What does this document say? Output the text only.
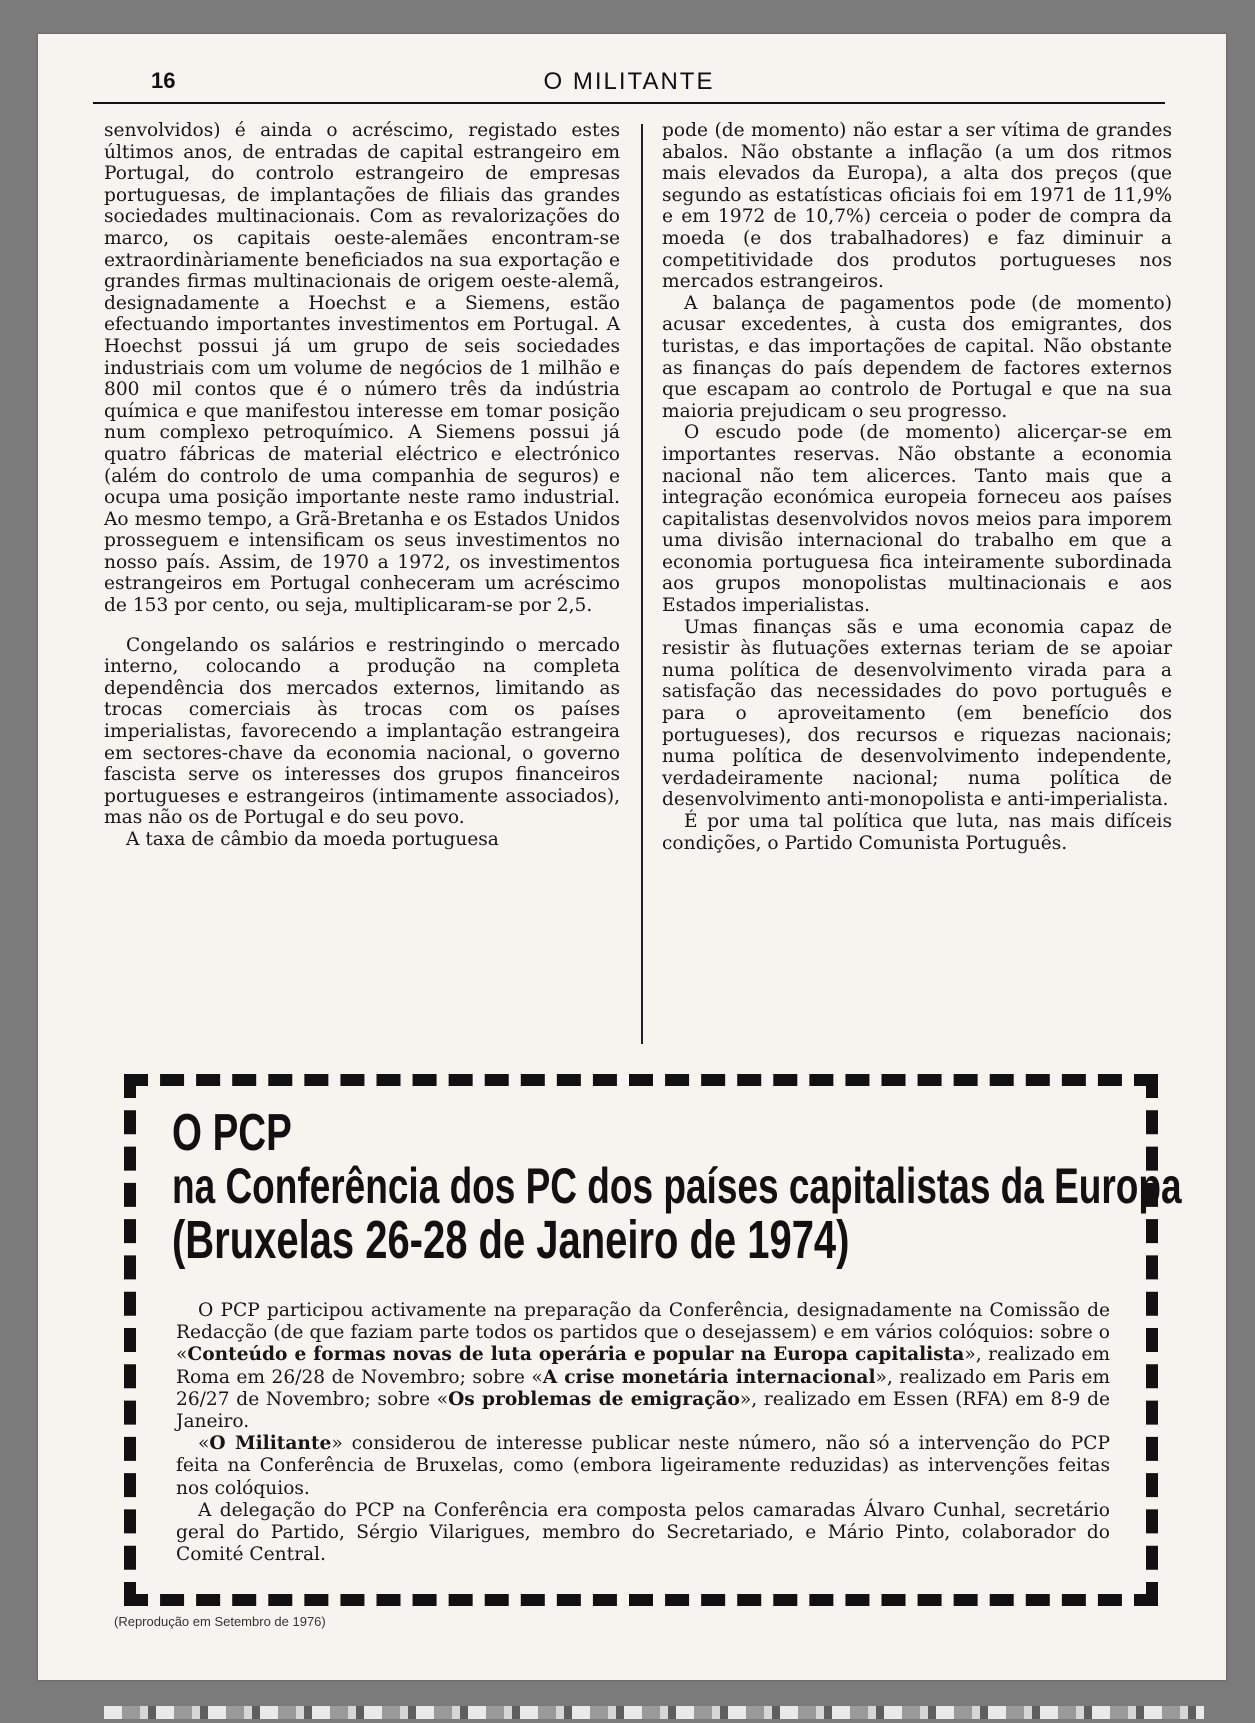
16	O MILITANTE

senvolvidos) é ainda o acréscimo, registado estes últimos anos, de entradas de capital estrangeiro em Portugal, do controlo estrangeiro de empresas portuguesas, de implantações de filiais das grandes sociedades multinacionais. Com as revalorizações do marco, os capitais oeste-alemães encontram-se extraordinàriamente beneficiados na sua exportação e grandes firmas multinacionais de origem oeste-alemã, designadamente a Hoechst e a Siemens, estão efectuando importantes investimentos em Portugal. A Hoechst possui já um grupo de seis sociedades industriais com um volume de negócios de 1 milhão e 800 mil contos que é o número três da indústria química e que manifestou interesse em tomar posição num complexo petroquímico. A Siemens possui já quatro fábricas de material eléctrico e electrónico (além do controlo de uma companhia de seguros) e ocupa uma posição importante neste ramo industrial. Ao mesmo tempo, a Grã-Bretanha e os Estados Unidos prosseguem e intensificam os seus investimentos no nosso país. Assim, de 1970 a 1972, os investimentos estrangeiros em Portugal conheceram um acréscimo de 153 por cento, ou seja, multiplicaram-se por 2,5.

Congelando os salários e restringindo o mercado interno, colocando a produção na completa dependência dos mercados externos, limitando as trocas comerciais às trocas com os países imperialistas, favorecendo a implantação estrangeira em sectores-chave da economia nacional, o governo fascista serve os interesses dos grupos financeiros portugueses e estrangeiros (intimamente associados), mas não os de Portugal e do seu povo.

A taxa de câmbio da moeda portuguesa

pode (de momento) não estar a ser vítima de grandes abalos. Não obstante a inflação (a um dos ritmos mais elevados da Europa), a alta dos preços (que segundo as estatísticas oficiais foi em 1971 de 11,9% e em 1972 de 10,7%) cerceia o poder de compra da moeda (e dos trabalhadores) e faz diminuir a competitividade dos produtos portugueses nos mercados estrangeiros.

A balança de pagamentos pode (de momento) acusar excedentes, à custa dos emigrantes, dos turistas, e das importações de capital. Não obstante as finanças do país dependem de factores externos que escapam ao controlo de Portugal e que na sua maioria prejudicam o seu progresso.

O escudo pode (de momento) alicerçar-se em importantes reservas. Não obstante a economia nacional não tem alicerces. Tanto mais que a integração económica europeia forneceu aos países capitalistas desenvolvidos novos meios para imporem uma divisão internacional do trabalho em que a economia portuguesa fica inteiramente subordinada aos grupos monopolistas multinacionais e aos Estados imperialistas.

Umas finanças sãs e uma economia capaz de resistir às flutuações externas teriam de se apoiar numa política de desenvolvimento virada para a satisfação das necessidades do povo português e para o aproveitamento (em benefício dos portugueses), dos recursos e riquezas nacionais; numa política de desenvolvimento independente, verdadeiramente nacional; numa política de desenvolvimento anti-monopolista e anti-imperialista.

É por uma tal política que luta, nas mais difíceis condições, o Partido Comunista Português.

O PCP
na Conferência dos PC dos países capitalistas da Europa
(Bruxelas 26-28 de Janeiro de 1974)

O PCP participou activamente na preparação da Conferência, designadamente na Comissão de Redacção (de que faziam parte todos os partidos que o desejassem) e em vários colóquios: sobre o «Conteúdo e formas novas de luta operária e popular na Europa capitalista», realizado em Roma em 26/28 de Novembro; sobre «A crise monetária internacional», realizado em Paris em 26/27 de Novembro; sobre «Os problemas de emigração», realizado em Essen (RFA) em 8-9 de Janeiro.

«O Militante» considerou de interesse publicar neste número, não só a intervenção do PCP feita na Conferência de Bruxelas, como (embora ligeiramente reduzidas) as intervenções feitas nos colóquios.

A delegação do PCP na Conferência era composta pelos camaradas Álvaro Cunhal, secretário geral do Partido, Sérgio Vilarigues, membro do Secretariado, e Mário Pinto, colaborador do Comité Central.

(Reprodução em Setembro de 1976)
